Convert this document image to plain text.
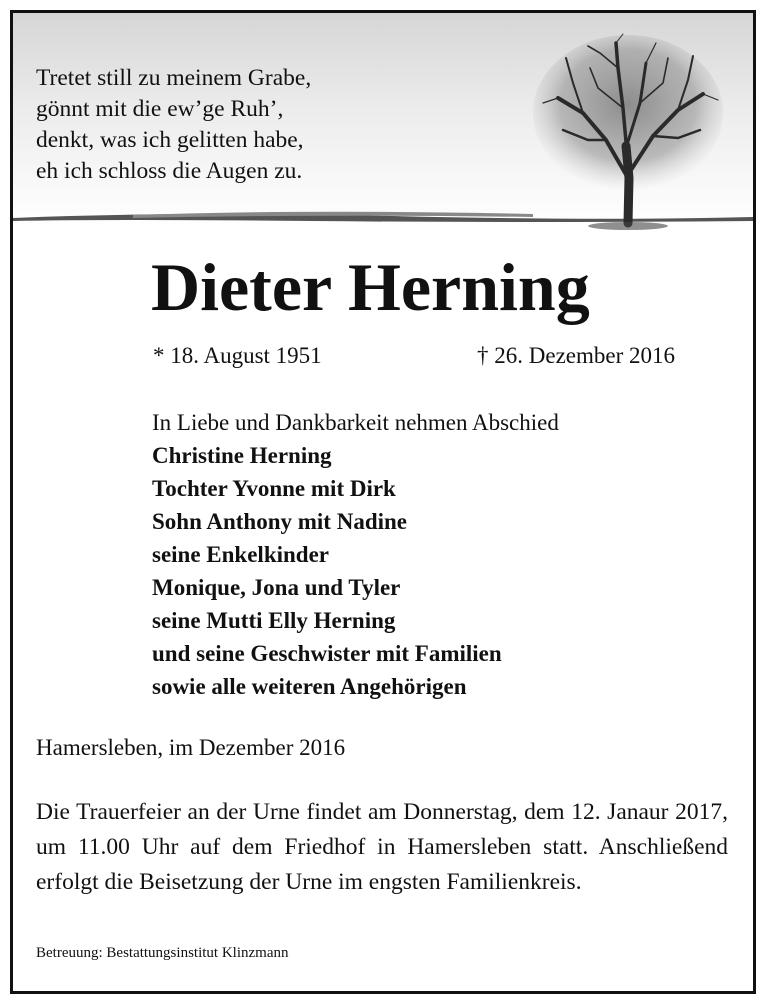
Tretet still zu meinem Grabe,
gönnt mit die ew’ge Ruh’,
denkt, was ich gelitten habe,
eh ich schloss die Augen zu.
Dieter Herning
* 18. August 1951	† 26. Dezember 2016
In Liebe und Dankbarkeit nehmen Abschied
Christine Herning
Tochter Yvonne mit Dirk
Sohn Anthony mit Nadine
seine Enkelkinder
Monique, Jona und Tyler
seine Mutti Elly Herning
und seine Geschwister mit Familien
sowie alle weiteren Angehörigen
Hamersleben, im Dezember 2016
Die Trauerfeier an der Urne findet am Donnerstag, dem 12. Janaur 2017, um 11.00 Uhr auf dem Friedhof in Hamersleben statt. Anschließend erfolgt die Beisetzung der Urne im engsten Familienkreis.
Betreuung: Bestattungsinstitut Klinzmann
